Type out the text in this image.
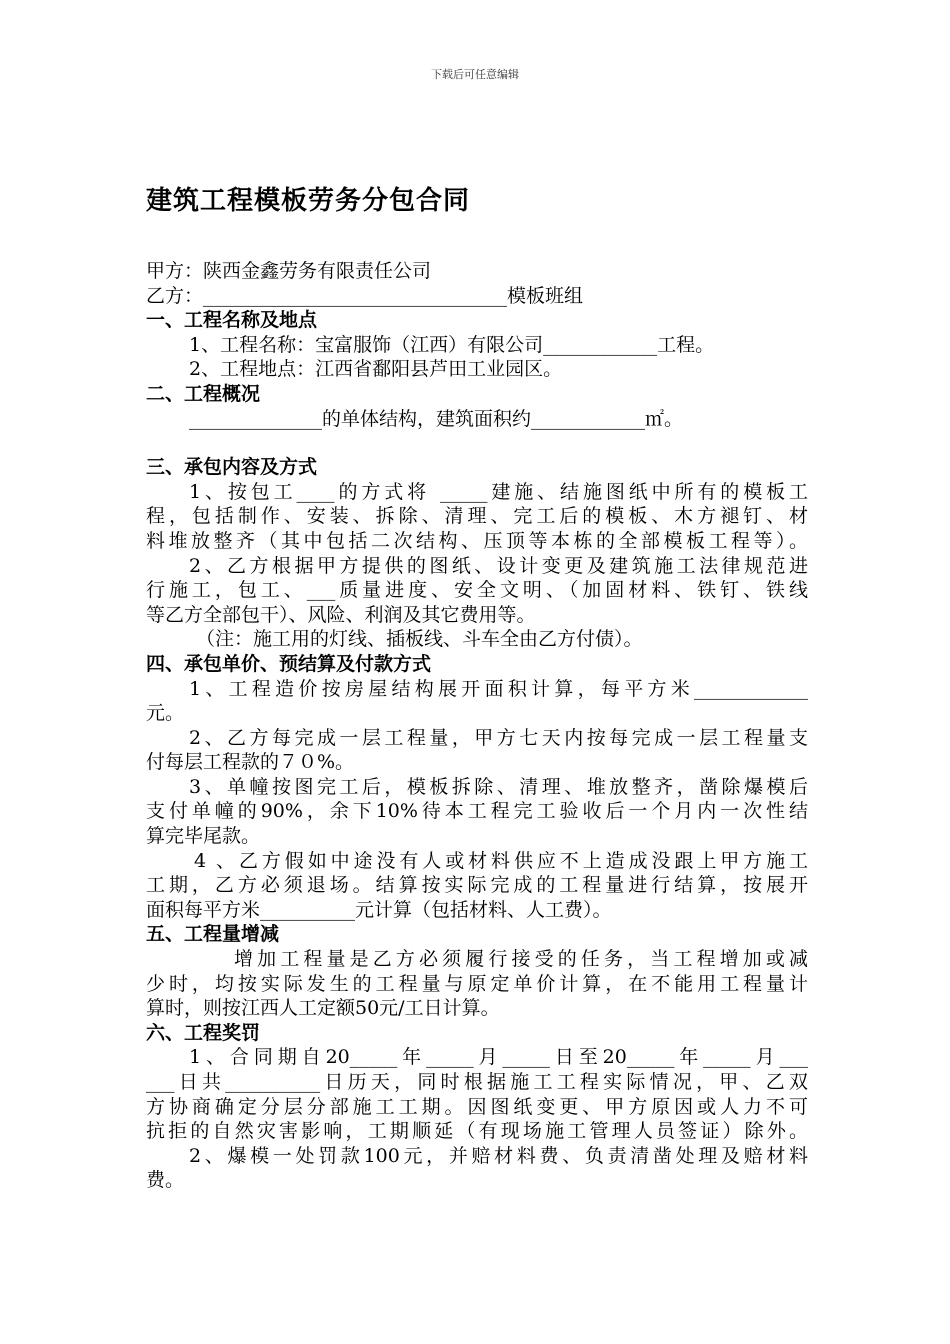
下载后可任意编辑
建筑工程模板劳务分包合同
甲方：陕西金鑫劳务有限责任公司
乙方：________________________________模板班组
一、工程名称及地点
1、工程名称：宝富服饰（江西）有限公司____________工程。
2、工程地点：江西省鄱阳县芦田工业园区。
二、工程概况
______________的单体结构，建筑面积约____________㎡。
三、承包内容及方式
1、按包工____的方式将 _____建施、结施图纸中所有的模板工
程，包括制作、安装、拆除、清理、完工后的模板、木方褪钉、材
料堆放整齐（其中包括二次结构、压顶等本栋的全部模板工程等）。
2、乙方根据甲方提供的图纸、设计变更及建筑施工法律规范进
行施工，包工、___质量进度、安全文明、（加固材料、铁钉、铁线
等乙方全部包干）、风险、利润及其它费用等。
（注：施工用的灯线、插板线、斗车全由乙方付债）。
四、承包单价、预结算及付款方式
1、工程造价按房屋结构展开面积计算，每平方米____________
元。
2、乙方每完成一层工程量，甲方七天内按每完成一层工程量支
付每层工程款的７０%。
3、单幢按图完工后，模板拆除、清理、堆放整齐，凿除爆模后
支付单幢的90%，余下10%待本工程完工验收后一个月内一次性结
算完毕尾款。
4 、乙方假如中途没有人或材料供应不上造成没跟上甲方施工
工期，乙方必须退场。结算按实际完成的工程量进行结算，按展开
面积每平方米__________元计算（包括材料、人工费）。
五、工程量增减
增加工程量是乙方必须履行接受的任务，当工程增加或减
少时，均按实际发生的工程量与原定单价计算，在不能用工程量计
算时，则按江西人工定额50元/工日计算。
六、工程奖罚
1、合同期自20_____年_____月_____日至20_____年_____月___
___日共__________日历天，同时根据施工工程实际情况，甲、乙双
方协商确定分层分部施工工期。因图纸变更、甲方原因或人力不可
抗拒的自然灾害影响，工期顺延（有现场施工管理人员签证）除外。
2、爆模一处罚款100元，并赔材料费、负责清凿处理及赔材料
费。
